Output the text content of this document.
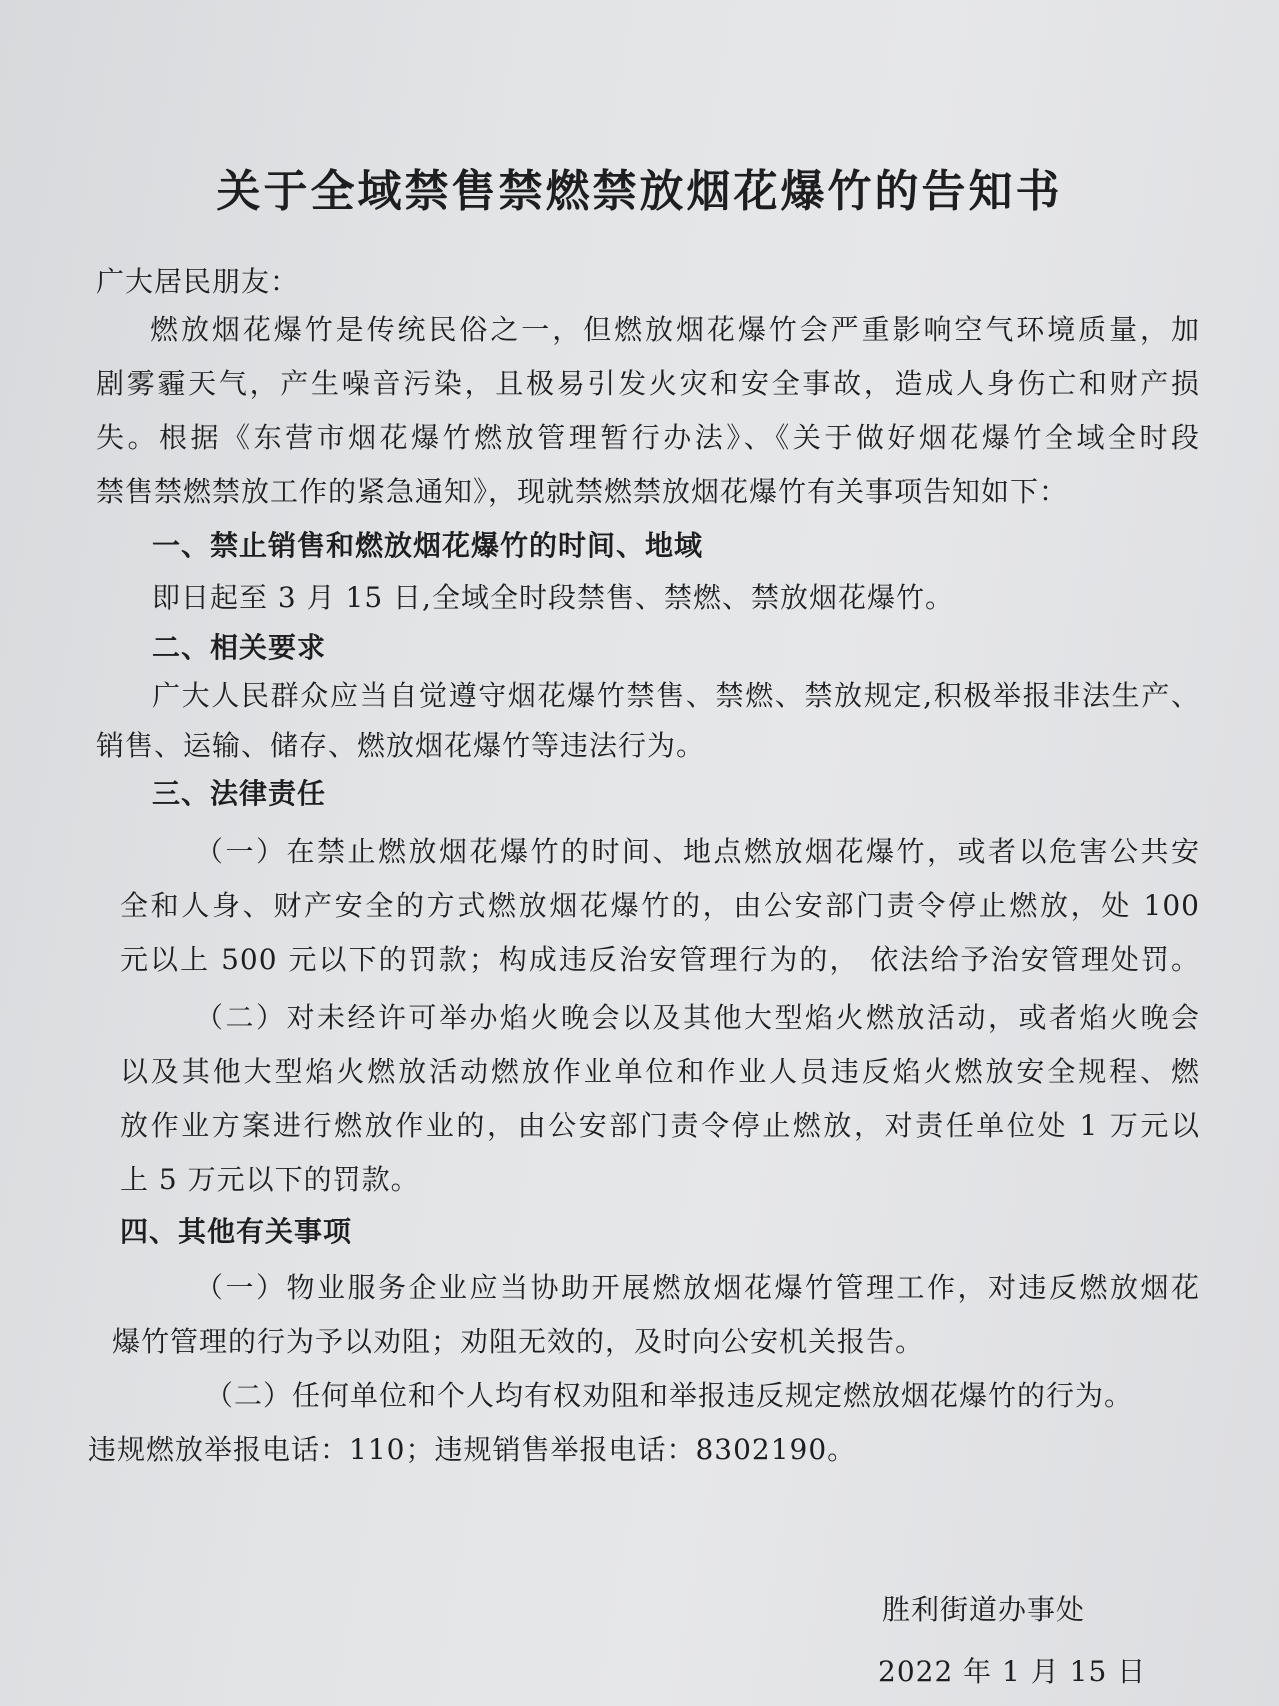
关于全域禁售禁燃禁放烟花爆竹的告知书
广大居民朋友：
燃放烟花爆竹是传统民俗之一，但燃放烟花爆竹会严重影响空气环境质量，加
剧雾霾天气，产生噪音污染，且极易引发火灾和安全事故，造成人身伤亡和财产损
失。根据《东营市烟花爆竹燃放管理暂行办法》、《关于做好烟花爆竹全域全时段
禁售禁燃禁放工作的紧急通知》，现就禁燃禁放烟花爆竹有关事项告知如下：
一、禁止销售和燃放烟花爆竹的时间、地域
即日起至 3 月 15 日,全域全时段禁售、禁燃、禁放烟花爆竹。
二、相关要求
广大人民群众应当自觉遵守烟花爆竹禁售、禁燃、禁放规定,积极举报非法生产、
销售、运输、储存、燃放烟花爆竹等违法行为。
三、法律责任
（一）在禁止燃放烟花爆竹的时间、地点燃放烟花爆竹，或者以危害公共安
全和人身、财产安全的方式燃放烟花爆竹的，由公安部门责令停止燃放，处 100
元以上 500 元以下的罚款；构成违反治安管理行为的， 依法给予治安管理处罚。
（二）对未经许可举办焰火晚会以及其他大型焰火燃放活动，或者焰火晚会
以及其他大型焰火燃放活动燃放作业单位和作业人员违反焰火燃放安全规程、燃
放作业方案进行燃放作业的，由公安部门责令停止燃放，对责任单位处 1 万元以
上 5 万元以下的罚款。
四、其他有关事项
（一）物业服务企业应当协助开展燃放烟花爆竹管理工作，对违反燃放烟花
爆竹管理的行为予以劝阻；劝阻无效的，及时向公安机关报告。
（二）任何单位和个人均有权劝阻和举报违反规定燃放烟花爆竹的行为。
违规燃放举报电话：110；违规销售举报电话：8302190。
胜利街道办事处
2022 年 1 月 15 日
